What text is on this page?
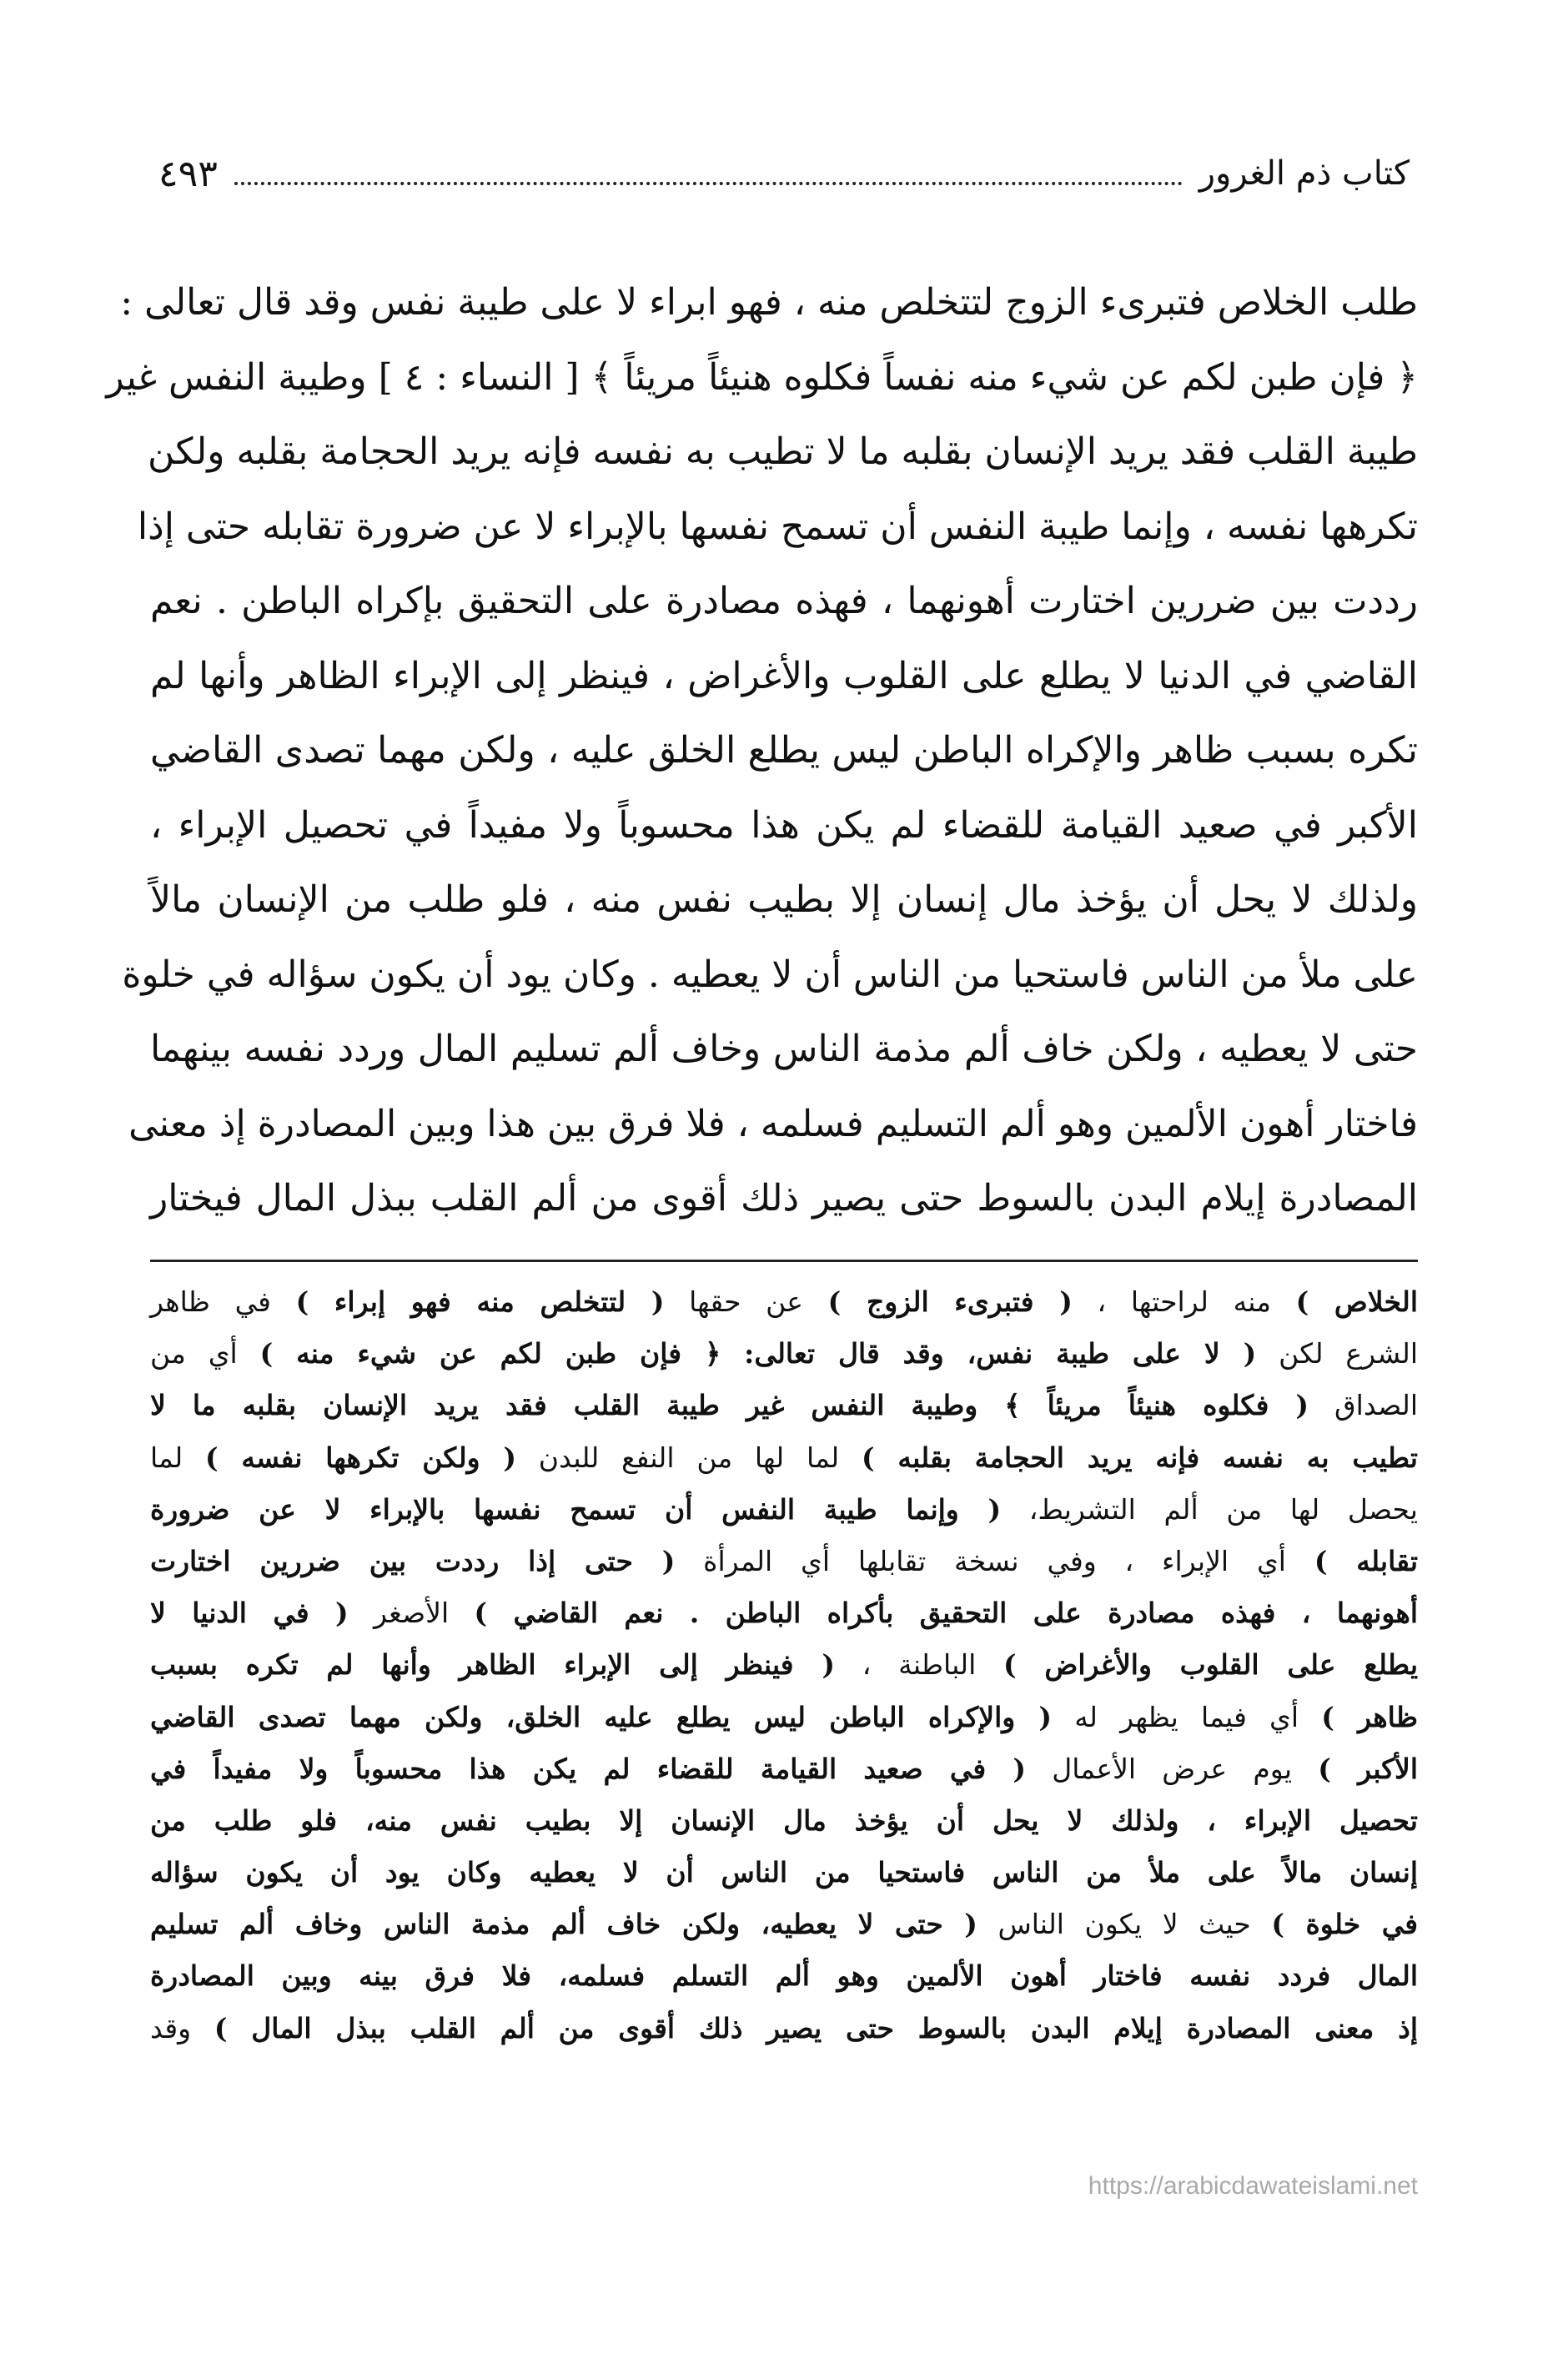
كتاب ذم الغرور
٤٩٣
طلب الخلاص فتبرىء الزوج لتتخلص منه ، فهو ابراء لا على طيبة نفس وقد قال تعالى :
﴿ فإن طبن لكم عن شيء منه نفساً فكلوه هنيئاً مريئاً ﴾ [ النساء : ٤ ] وطيبة النفس غير
طيبة القلب فقد يريد الإنسان بقلبه ما لا تطيب به نفسه فإنه يريد الحجامة بقلبه ولكن
تكرهها نفسه ، وإنما طيبة النفس أن تسمح نفسها بالإبراء لا عن ضرورة تقابله حتى إذا
رددت بين ضررين اختارت أهونهما ، فهذه مصادرة على التحقيق بإكراه الباطن . نعم
القاضي في الدنيا لا يطلع على القلوب والأغراض ، فينظر إلى الإبراء الظاهر وأنها لم
تكره بسبب ظاهر والإكراه الباطن ليس يطلع الخلق عليه ، ولكن مهما تصدى القاضي
الأكبر في صعيد القيامة للقضاء لم يكن هذا محسوباً ولا مفيداً في تحصيل الإبراء ،
ولذلك لا يحل أن يؤخذ مال إنسان إلا بطيب نفس منه ، فلو طلب من الإنسان مالاً
على ملأ من الناس فاستحيا من الناس أن لا يعطيه . وكان يود أن يكون سؤاله في خلوة
حتى لا يعطيه ، ولكن خاف ألم مذمة الناس وخاف ألم تسليم المال وردد نفسه بينهما
فاختار أهون الألمين وهو ألم التسليم فسلمه ، فلا فرق بين هذا وبين المصادرة إذ معنى
المصادرة إيلام البدن بالسوط حتى يصير ذلك أقوى من ألم القلب ببذل المال فيختار
الخلاص ) منه لراحتها ، ( فتبرىء الزوج ) عن حقها ( لتتخلص منه فهو إبراء ) في ظاهر
الشرع لكن ( لا على طيبة نفس، وقد قال تعالى: ﴿ فإن طبن لكم عن شيء منه ) أي من
الصداق ( فكلوه هنيئاً مريئاً ﴾ وطيبة النفس غير طيبة القلب فقد يريد الإنسان بقلبه ما لا
تطيب به نفسه فإنه يريد الحجامة بقلبه ) لما لها من النفع للبدن ( ولكن تكرهها نفسه ) لما
يحصل لها من ألم التشريط، ( وإنما طيبة النفس أن تسمح نفسها بالإبراء لا عن ضرورة
تقابله ) أي الإبراء ، وفي نسخة تقابلها أي المرأة ( حتى إذا رددت بين ضررين اختارت
أهونهما ، فهذه مصادرة على التحقيق بأكراه الباطن . نعم القاضي ) الأصغر ( في الدنيا لا
يطلع على القلوب والأغراض ) الباطنة ، ( فينظر إلى الإبراء الظاهر وأنها لم تكره بسبب
ظاهر ) أي فيما يظهر له ( والإكراه الباطن ليس يطلع عليه الخلق، ولكن مهما تصدى القاضي
الأكبر ) يوم عرض الأعمال ( في صعيد القيامة للقضاء لم يكن هذا محسوباً ولا مفيداً في
تحصيل الإبراء ، ولذلك لا يحل أن يؤخذ مال الإنسان إلا بطيب نفس منه، فلو طلب من
إنسان مالاً على ملأ من الناس فاستحيا من الناس أن لا يعطيه وكان يود أن يكون سؤاله
في خلوة ) حيث لا يكون الناس ( حتى لا يعطيه، ولكن خاف ألم مذمة الناس وخاف ألم تسليم
المال فردد نفسه فاختار أهون الألمين وهو ألم التسلم فسلمه، فلا فرق بينه وبين المصادرة
إذ معنى المصادرة إيلام البدن بالسوط حتى يصير ذلك أقوى من ألم القلب ببذل المال ) وقد
https://arabicdawateislami.net
